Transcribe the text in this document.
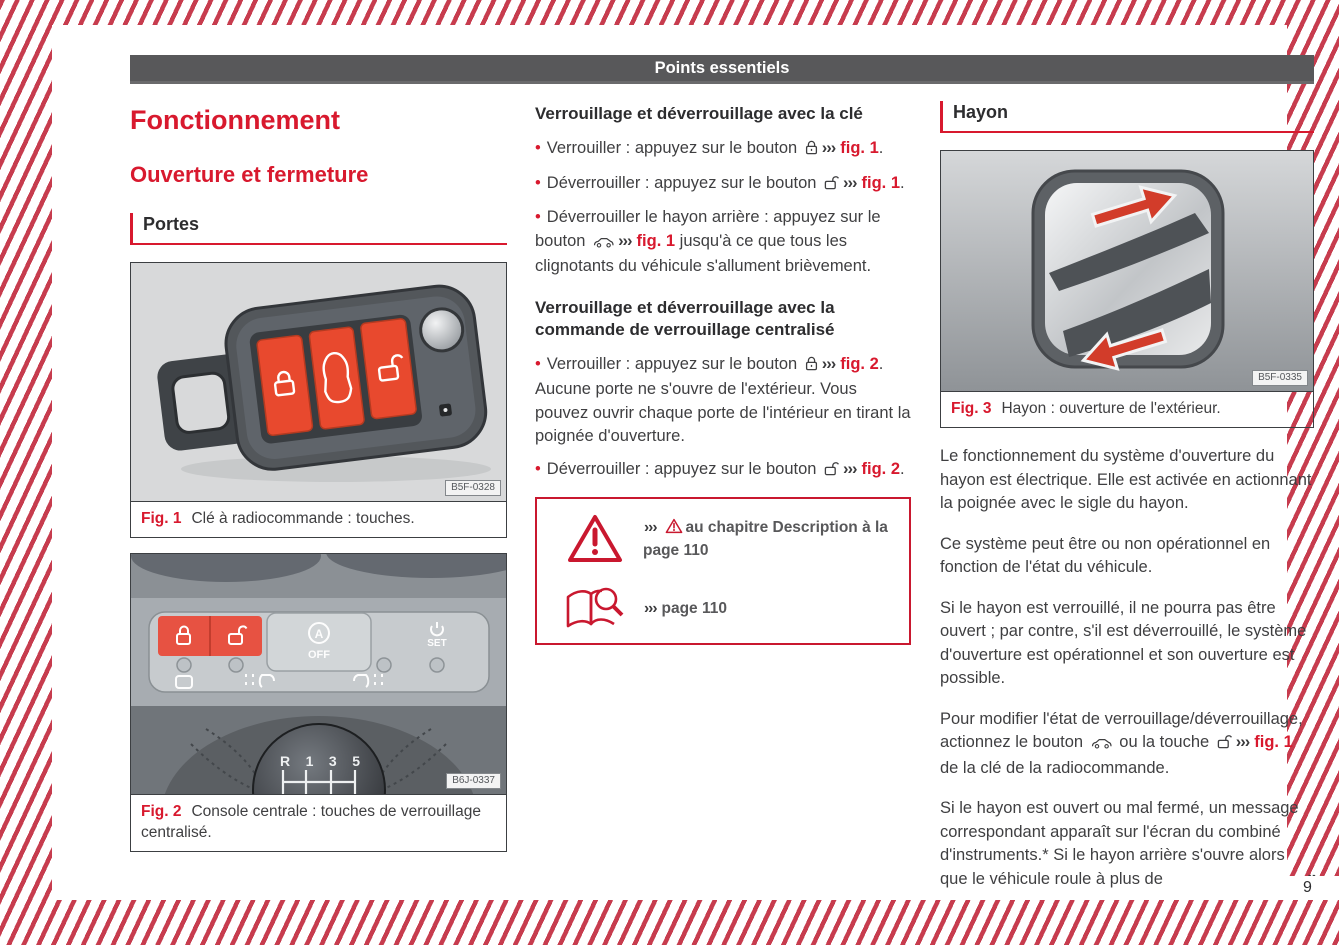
Points essentiels
Fonctionnement
Ouverture et fermeture
Portes
B5F-0328
Fig. 1 Clé à radiocommande : touches.
A
OFF
SET
R 1 3 5
B6J-0337
Fig. 2 Console centrale : touches de verrouillage centralisé.
Verrouillage et déverrouillage avec la clé
• Verrouiller : appuyez sur le bouton ››› fig. 1.
• Déverrouiller : appuyez sur le bouton ››› fig. 1.
• Déverrouiller le hayon arrière : appuyez sur le bouton ››› fig. 1 jusqu'à ce que tous les clignotants du véhicule s'allument brièvement.
Verrouillage et déverrouillage avec la commande de verrouillage centralisé
• Verrouiller : appuyez sur le bouton ››› fig. 2. Aucune porte ne s'ouvre de l'extérieur. Vous pouvez ouvrir chaque porte de l'intérieur en tirant la poignée d'ouverture.
• Déverrouiller : appuyez sur le bouton ››› fig. 2.
››› au chapitre Description à la page 110
››› page 110
Hayon
B5F-0335
Fig. 3 Hayon : ouverture de l'extérieur.

Le fonctionnement du système d'ouverture du hayon est électrique. Elle est activée en actionnant la poignée avec le sigle du hayon.

Ce système peut être ou non opérationnel en fonction de l'état du véhicule.

Si le hayon est verrouillé, il ne pourra pas être ouvert ; par contre, s'il est déverrouillé, le système d'ouverture est opérationnel et son ouverture est possible.

Pour modifier l'état de verrouillage/déverrouillage, actionnez le bouton  ou la touche ››› fig. 1 de la clé de la radiocommande.

Si le hayon est ouvert ou mal fermé, un message correspondant apparaît sur l'écran du combiné d'instruments.* Si le hayon arrière s'ouvre alors que le véhicule roule à plus de	9
